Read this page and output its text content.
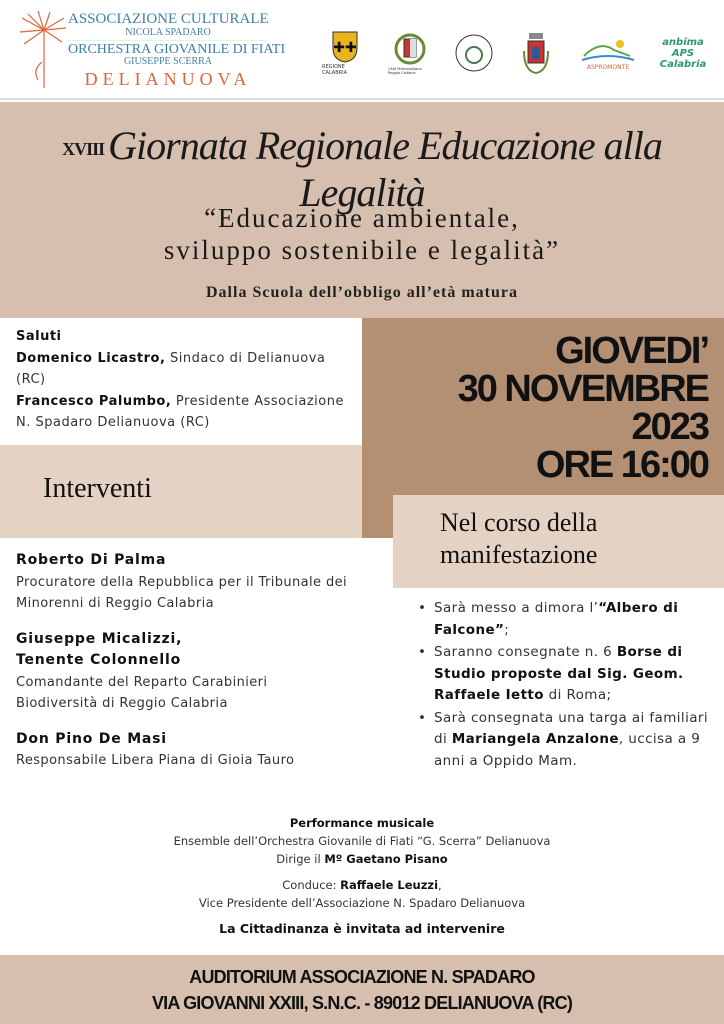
ASSOCIAZIONE CULTURALE
NICOLA SPADARO
ORCHESTRA GIOVANILE DI FIATI
GIUSEPPE SCERRA
DELIANUOVA
✚✚
REGIONE CALABRIA
Città Metropolitana Reggio Calabria
ASPROMONTE
anbima APS Calabria
XVIII Giornata Regionale Educazione alla Legalità
“Educazione ambientale,
sviluppo sostenibile e legalità”
Dalla Scuola dell’obbligo all’età matura
Saluti
Domenico Licastro, Sindaco di Delianuova (RC)
Francesco Palumbo, Presidente Associazione N. Spadaro Delianuova (RC)
GIOVEDI’
30 NOVEMBRE
2023
ORE 16:00
Interventi
Nel corso della manifestazione
Roberto Di Palma
Procuratore della Repubblica per il Tribunale dei Minorenni di Reggio Calabria
Giuseppe Micalizzi, Tenente Colonnello
Comandante del Reparto Carabinieri Biodiversità di Reggio Calabria
Don Pino De Masi
Responsabile Libera Piana di Gioia Tauro
• Sarà messo a dimora l’“Albero di Falcone”;
• Saranno consegnate n. 6 Borse di Studio proposte dal Sig. Geom. Raffaele Ietto di Roma;
• Sarà consegnata una targa ai familiari di Mariangela Anzalone, uccisa a 9 anni a Oppido Mam.

Performance musicale
Ensemble dell’Orchestra Giovanile di Fiati “G. Scerra” Delianuova
Dirige il Mº Gaetano Pisano

Conduce: Raffaele Leuzzi,
Vice Presidente dell’Associazione N. Spadaro Delianuova

La Cittadinanza è invitata ad intervenire

AUDITORIUM ASSOCIAZIONE N. SPADARO
VIA GIOVANNI XXIII, S.N.C. - 89012 DELIANUOVA (RC)
